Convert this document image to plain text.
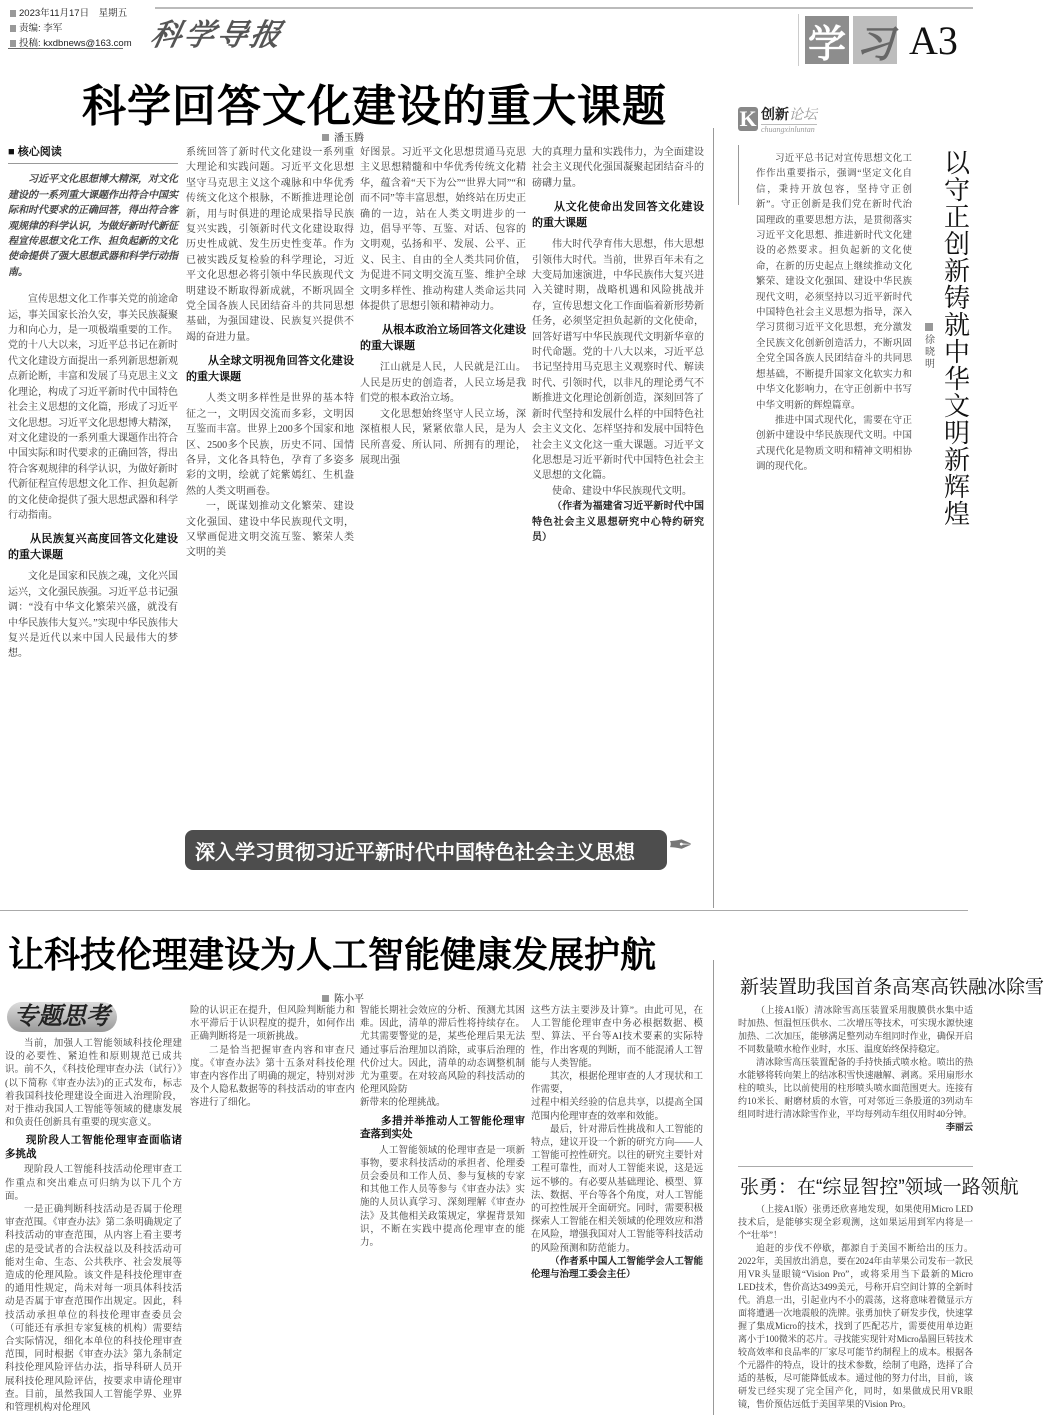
2023年11月17日　星期五
责编: 李军
投稿: kxdbnews@163.com 科学导报	学 习 A3
科学回答文化建设的重大课题
潘玉腾
■ 核心阅读

习近平文化思想博大精深，对文化建设的一系列重大课题作出符合中国实际和时代要求的正确回答，得出符合客观规律的科学认识，为做好新时代新征程宣传思想文化工作、担负起新的文化使命提供了强大思想武器和科学行动指南。

宣传思想文化工作事关党的前途命运，事关国家长治久安，事关民族凝聚力和向心力，是一项极端重要的工作。党的十八大以来，习近平总书记在新时代文化建设方面提出一系列新思想新观点新论断，丰富和发展了马克思主义文化理论，构成了习近平新时代中国特色社会主义思想的文化篇，形成了习近平文化思想。习近平文化思想博大精深，对文化建设的一系列重大课题作出符合中国实际和时代要求的正确回答，得出符合客观规律的科学认识，为做好新时代新征程宣传思想文化工作、担负起新的文化使命提供了强大思想武器和科学行动指南。

从民族复兴高度回答文化建设的重大课题

文化是国家和民族之魂，文化兴国运兴，文化强民族强。习近平总书记强调：“没有中华文化繁荣兴盛，就没有中华民族伟大复兴。”实现中华民族伟大复兴是近代以来中国人民最伟大的梦想。

系统回答了新时代文化建设一系列重大理论和实践问题。习近平文化思想坚守马克思主义这个魂脉和中华优秀传统文化这个根脉，不断推进理论创新，用与时俱进的理论成果指导民族复兴实践，引领新时代文化建设取得历史性成就、发生历史性变革。作为已被实践反复检验的科学理论，习近平文化思想必将引领中华民族现代文明建设不断取得新成就，不断巩固全党全国各族人民团结奋斗的共同思想基础，为强国建设、民族复兴提供不竭的奋进力量。

从全球文明视角回答文化建设的重大课题

人类文明多样性是世界的基本特征之一，文明因交流而多彩，文明因互鉴而丰富。世界上200多个国家和地区、2500多个民族，历史不同、国情各异，文化各具特色，孕育了多姿多彩的文明，绘就了姹紫嫣红、生机盎然的人类文明画卷。

一，既谋划推动文化繁荣、建设文化强国、建设中华民族现代文明，又擘画促进文明交流互鉴、繁荣人类文明的美

好图景。习近平文化思想贯通马克思主义思想精髓和中华优秀传统文化精华，蕴含着“天下为公”“世界大同”“和而不同”等丰富思想，始终站在历史正确的一边，站在人类文明进步的一边，倡导平等、互鉴、对话、包容的文明观，弘扬和平、发展、公平、正义、民主、自由的全人类共同价值，为促进不同文明交流互鉴、维护全球文明多样性、推动构建人类命运共同体提供了思想引领和精神动力。

从根本政治立场回答文化建设的重大课题

江山就是人民，人民就是江山。人民是历史的创造者，人民立场是我们党的根本政治立场。

文化思想始终坚守人民立场，深深植根人民，紧紧依靠人民，是为人民所喜爱、所认同、所拥有的理论，展现出强

大的真理力量和实践伟力，为全面建设社会主义现代化强国凝聚起团结奋斗的磅礴力量。

从文化使命出发回答文化建设的重大课题

伟大时代孕育伟大思想，伟大思想引领伟大时代。当前，世界百年未有之大变局加速演进，中华民族伟大复兴进入关键时期，战略机遇和风险挑战并存，宣传思想文化工作面临着新形势新任务，必须坚定担负起新的文化使命，回答好谱写中华民族现代文明新华章的时代命题。党的十八大以来，习近平总书记坚持用马克思主义观察时代、解读时代、引领时代，以非凡的理论勇气不断推进文化理论创新创造，深刻回答了新时代坚持和发展什么样的中国特色社会主义文化、怎样坚持和发展中国特色社会主义文化这一重大课题。习近平文化思想是习近平新时代中国特色社会主义思想的文化篇。

使命、建设中华民族现代文明。

（作者为福建省习近平新时代中国特色社会主义思想研究中心特约研究员）

深入学习贯彻习近平新时代中国特色社会主义思想	✒
K 创新论坛
chuangxinluntan

习近平总书记对宣传思想文化工作作出重要指示，强调“坚定文化自信，秉持开放包容，坚持守正创新”。守正创新是我们党在新时代治国理政的重要思想方法，是贯彻落实习近平文化思想、推进新时代文化建设的必然要求。担负起新的文化使命，在新的历史起点上继续推动文化繁荣、建设文化强国、建设中华民族现代文明，必须坚持以习近平新时代中国特色社会主义思想为指导，深入学习贯彻习近平文化思想，充分激发全民族文化创新创造活力，不断巩固全党全国各族人民团结奋斗的共同思想基础，不断提升国家文化软实力和中华文化影响力，在守正创新中书写中华文明新的辉煌篇章。

推进中国式现代化，需要在守正创新中建设中华民族现代文明。中国式现代化是物质文明和精神文明相协调的现代化。

以守正创新铸就中华文明新辉煌
徐晓明
让科技伦理建设为人工智能健康发展护航
陈小平
专题思考

当前，加强人工智能领域科技伦理建设的必要性、紧迫性和原则规范已成共识。前不久，《科技伦理审查办法（试行）》(以下简称《审查办法》)的正式发布，标志着我国科技伦理建设全面进入治理阶段，对于推动我国人工智能等领域的健康发展和负责任创新具有重要的现实意义。

现阶段人工智能伦理审查面临诸多挑战

现阶段人工智能科技活动伦理审查工作重点和突出难点可归纳为以下几个方面。

一是正确判断科技活动是否属于伦理审查范围。《审查办法》第二条明确规定了科技活动的审查范围，从内容上看主要考虑的是受试者的合法权益以及科技活动可能对生命、生态、公共秩序、社会发展等造成的伦理风险。该文件是科技伦理审查的通用性规定，尚未对每一项具体科技活动是否属于审查范围作出规定。因此，科技活动承担单位的科技伦理审查委员会（可能还有承担专家复核的机构）需要结合实际情况，细化本单位的科技伦理审查范围，同时根据《审查办法》第九条制定科技伦理风险评估办法，指导科研人员开展科技伦理风险评估，按要求申请伦理审查。目前，虽然我国人工智能学界、业界和管理机构对伦理风

险的认识正在提升，但风险判断能力和水平滞后于认识程度的提升，如何作出正确判断将是一项新挑战。

二是恰当把握审查内容和审查尺度。《审查办法》第十五条对科技伦理审查内容作出了明确的规定，特别对涉及个人隐私数据等的科技活动的审查内容进行了细化。

智能长期社会效应的分析、预测尤其困难。因此，清单的滞后性将持续存在。尤其需要警觉的是，某些伦理后果无法通过事后治理加以消除，或事后治理的代价过大。因此，清单的动态调整机制尤为重要。在对较高风险的科技活动的伦理风险防

新带来的伦理挑战。

多措并举推动人工智能伦理审查落到实处

人工智能领域的伦理审查是一项新事物，要求科技活动的承担者、伦理委员会委员和工作人员、参与复核的专家和其他工作人员等参与《审查办法》实施的人员认真学习、深刻理解《审查办法》及其他相关政策规定，掌握背景知识，不断在实践中提高伦理审查的能力。

这些方法主要涉及计算”。由此可见，在人工智能伦理审查中务必根据数据、模型、算法、平台等AI技术要素的实际特性，作出客观的判断，而不能混淆人工智能与人类智能。

其次，根据伦理审查的人才现状和工作需要，

过程中相关经验的信息共享，以提高全国范围内伦理审查的效率和效能。

最后，针对滞后性挑战和人工智能的特点，建议开设一个新的研究方向——人工智能可控性研究。以往的研究主要针对工程可靠性，而对人工智能来说，这是远远不够的。有必要从基础理论、模型、算法、数据、平台等各个角度，对人工智能的可控性展开全面研究。同时，需要积极探索人工智能在相关领域的伦理效应和潜在风险，增强我国对人工智能等科技活动的风险预测和防范能力。

（作者系中国人工智能学会人工智能伦理与治理工委会主任）

新装置助我国首条高寒高铁融冰除雪

（上接A1版）清冰除雪高压装置采用腹膜供水集中适时加热、恒温恒压供水、二次增压等技术，可实现水源快速加热、二次加压，能够满足整列动车组同时作业，确保开启不同数量喷水枪作业时，水压、温度始终保持稳定。

清冰除雪高压装置配备的手持快插式喷水枪。喷出的热水能够将转向架上的结冰积雪快速融解、剥离。采用扇形水柱的喷头，比以前使用的柱形喷头喷水面范围更大。连接有约10米长、耐磨材质的水管，可对邻近三条股道的3列动车组同时进行清冰除雪作业，平均每列动车组仅用时40分钟。

李丽云

张勇：在“综显智控”领域一路领航

（上接A1版）张勇还欣喜地发现，如果使用Micro LED技术后，是能够实现全彩观测，这如果运用到军内将是一个“壮举”！

追赶的步伐不停歇，都源自于美国不断给出的压力。2022年，美国放出消息，要在2024年由苹果公司发布一款民用VR头显眼镜“Vision Pro”，或将采用当下最新的Micro LED技术，售价高达3499美元，号称开启空间计算的全新时代。消息一出，引起业内不小的震荡，这将意味着微显示方面将遭遇一次地震般的洗牌。张勇加快了研发步伐，快速掌握了集成Micro的技术，找到了匹配芯片，需要使用单边距离小于100微米的芯片。寻找能实现针对Micro晶圆巨转技术较高效率和良品率的厂家尽可能节约制程上的成本。根据各个元器件的特点，设计的技术参数，绘制了电路，选择了合适的基板，尽可能降低成本。通过他的努力付出，目前，该研发已经实现了完全国产化，同时，如果做成民用VR眼镜，售价预估远低于美国苹果的Vision Pro。
